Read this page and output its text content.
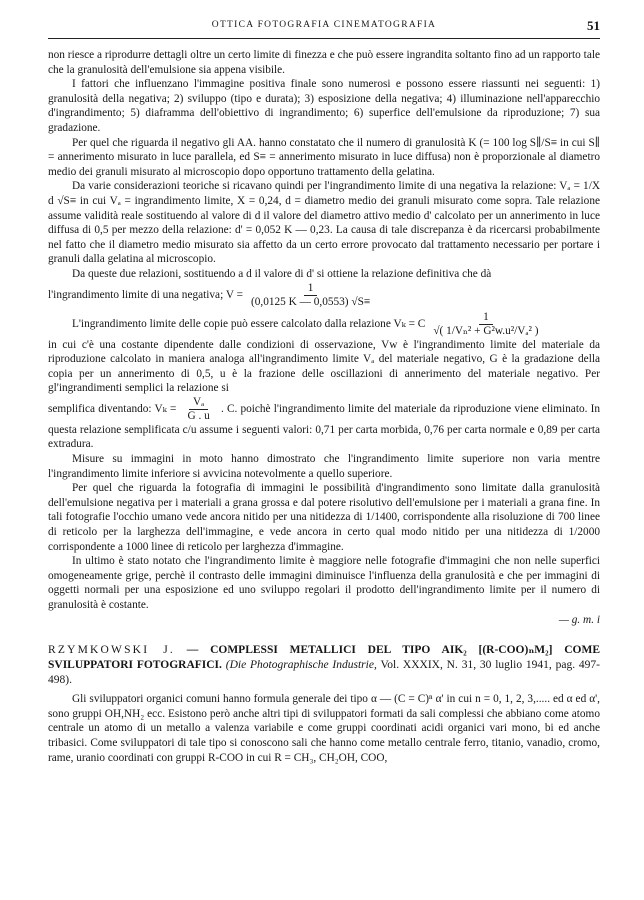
OTTICA FOTOGRAFIA CINEMATOGRAFIA	51

non riesce a riprodurre dettagli oltre un certo limite di finezza e che può essere ingrandita soltanto fino ad un rapporto tale che la granulosità dell'emulsione sia appena visibile.

I fattori che influenzano l'immagine positiva finale sono numerosi e possono essere riassunti nei seguenti: 1) granulosità della negativa; 2) sviluppo (tipo e durata); 3) esposizione della negativa; 4) illuminazione nell'apparecchio d'ingrandimento; 5) diaframma dell'obiettivo di ingrandimento; 6) superfice dell'emulsione da riproduzione; 7) sua gradazione.

Per quel che riguarda il negativo gli AA. hanno constatato che il numero di granulosità K (= 100 log S∥/S≡ in cui S∥ = annerimento misurato in luce parallela, ed S≡ = annerimento misurato in luce diffusa) non è proporzionale al diametro medio dei granuli misurato al microscopio dopo opportuno trattamento della gelatina.

Da varie considerazioni teoriche si ricavano quindi per l'ingrandimento limite di una negativa la relazione: Vₐ = 1/X d √S≡ in cui Vₐ = ingrandimento limite, X = 0,24, d = diametro medio dei granuli misurato come sopra. Tale relazione assume validità reale sostituendo al valore di d il valore del diametro attivo medio d' calcolato per un annerimento in luce diffusa di 0,5 per mezzo della relazione: d' = 0,052 K — 0,23. La causa di tale discrepanza è da ricercarsi probabilmente nel fatto che il diametro medio misurato sia affetto da un certo errore provocato dal trattamento necessario per portare i granuli dalla gelatina al microscopio.

Da queste due relazioni, sostituendo a d il valore di d' si ottiene la relazione definitiva che dà

l'ingrandimento limite di una negativa; $V = \frac{1}{(0,0125 K — 0,0553) √S\equiv}$
L'ingrandimento limite delle copie può essere calcolato dalla relazione Vₖ = C $\frac{1}{\text{√( 1/Vₙ² + G²w.u²/Vₐ² )}}$

in cui c'è una costante dipendente dalle condizioni di osservazione, Vw è l'ingrandimento limite del materiale da riproduzione calcolato in maniera analoga all'ingrandimento limite Vₐ del materiale negativo, G è la gradazione della copia per un annerimento di 0,5, u è la frazione delle oscillazioni di annerimento del materiale negativo. Per gl'ingrandimenti semplici la relazione si

semplifica diventando: $V_k = \frac{\text{Vₐ}}{G . u}$ . C. poichè l'ingrandimento limite del materiale da riproduzione viene eliminato. In questa relazione semplificata c/u assume i seguenti valori: 0,71 per carta morbida, 0,76 per carta normale e 0,89 per carta extradura.

Misure su immagini in moto hanno dimostrato che l'ingrandimento limite superiore non varia mentre l'ingrandimento limite inferiore si avvicina notevolmente a quello superiore.

Per quel che riguarda la fotografia di immagini le possibilità d'ingrandimento sono limitate dalla granulosità dell'emulsione negativa per i materiali a grana grossa e dal potere risolutivo dell'emulsione per i materiali a grana fine. In tali fotografie l'occhio umano vede ancora nitido per una nitidezza di 1/1400, corrispondente alla risoluzione di 700 linee di reticolo per la larghezza dell'immagine, e vede ancora in certo qual modo nitido per una nitidezza di 1/2000 corrispondente a 1000 linee di reticolo per larghezza d'immagine.

In ultimo è stato notato che l'ingrandimento limite è maggiore nelle fotografie d'immagini che non nelle superfici omogeneamente grige, perchè il contrasto delle immagini diminuisce l'influenza della granulosità e che per immagini di oggetti normali per una esposizione ed uno sviluppo regolari il prodotto dell'ingrandimento limite per il numero di granulosità è costante.

— g. m. i

RZYMKOWSKI J. — COMPLESSI METALLICI DEL TIPO AIK₂ [(R-COO)ₙM₂] COME SVILUPPATORI FOTOGRAFICI. (Die Photographische Industrie, Vol. XXXIX, N. 31, 30 luglio 1941, pag. 497-498).

Gli sviluppatori organici comuni hanno formula generale dei tipo α — (C = C)ⁿ α' in cui n = 0, 1, 2, 3,..... ed α ed α', sono gruppi OH,NH₂ ecc. Esistono però anche altri tipi di sviluppatori formati da sali complessi che abbiano come atomo centrale un atomo di un metallo a valenza variabile e come gruppi coordinati acidi organici vari mono, bi ed anche tribasici. Come sviluppatori di tale tipo si conoscono sali che hanno come metallo centrale ferro, titanio, vanadio, cromo, rame, uranio coordinati con gruppi R-COO in cui R = CH₃, CH₂OH, COO,
